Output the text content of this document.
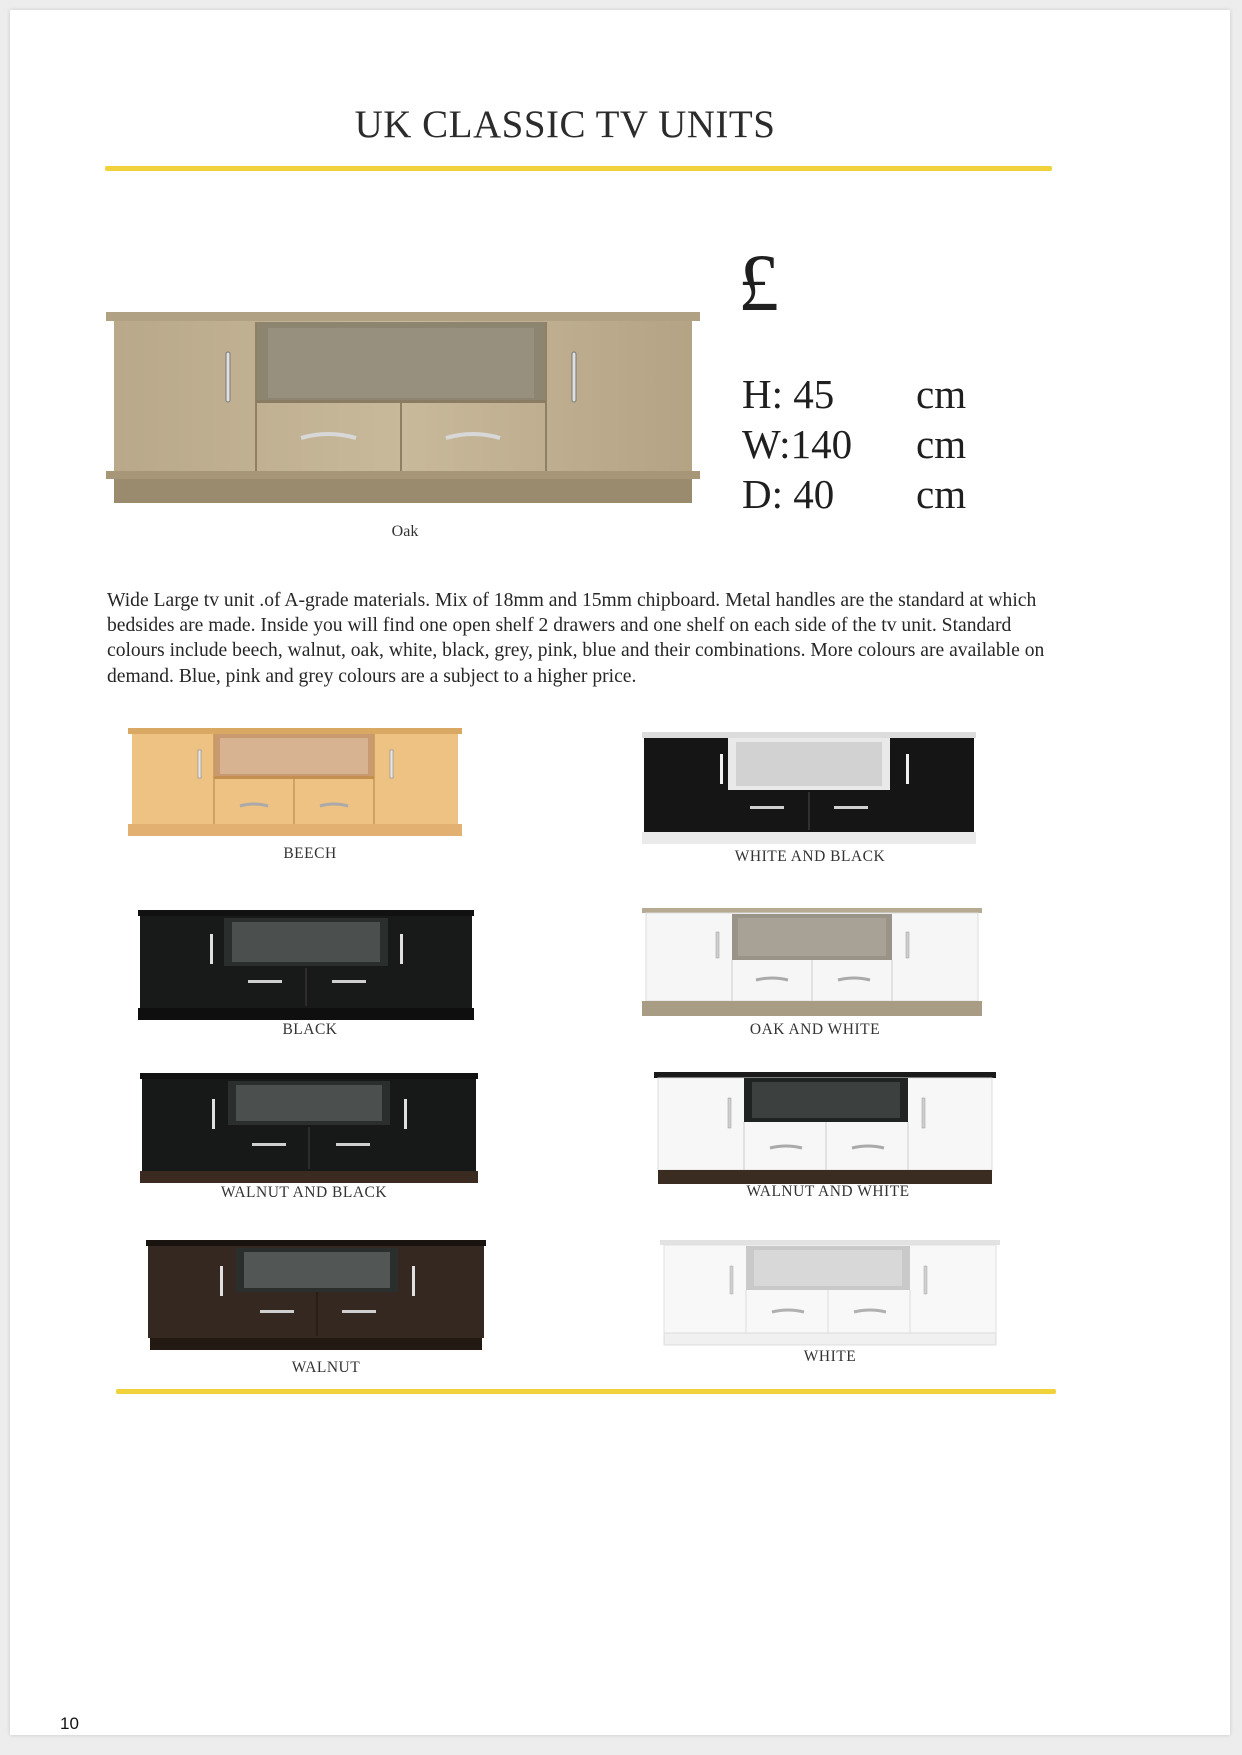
UK CLASSIC TV UNITS
Oak
£
H: 45	cm
W:140	cm
D: 40	cm

Wide Large tv unit .of A-grade materials. Mix of 18mm and 15mm chipboard. Metal handles are the standard at which bedsides are made. Inside you will find one open shelf 2 drawers and one shelf on each side of the tv unit. Standard colours include beech, walnut, oak, white, black, grey, pink, blue and their combinations. More colours are available on demand. Blue, pink and grey colours are a subject to a higher price.

BEECH	WHITE AND BLACK
BLACK	OAK AND WHITE
WALNUT AND BLACK	WALNUT AND WHITE
WALNUT
WHITE
10
